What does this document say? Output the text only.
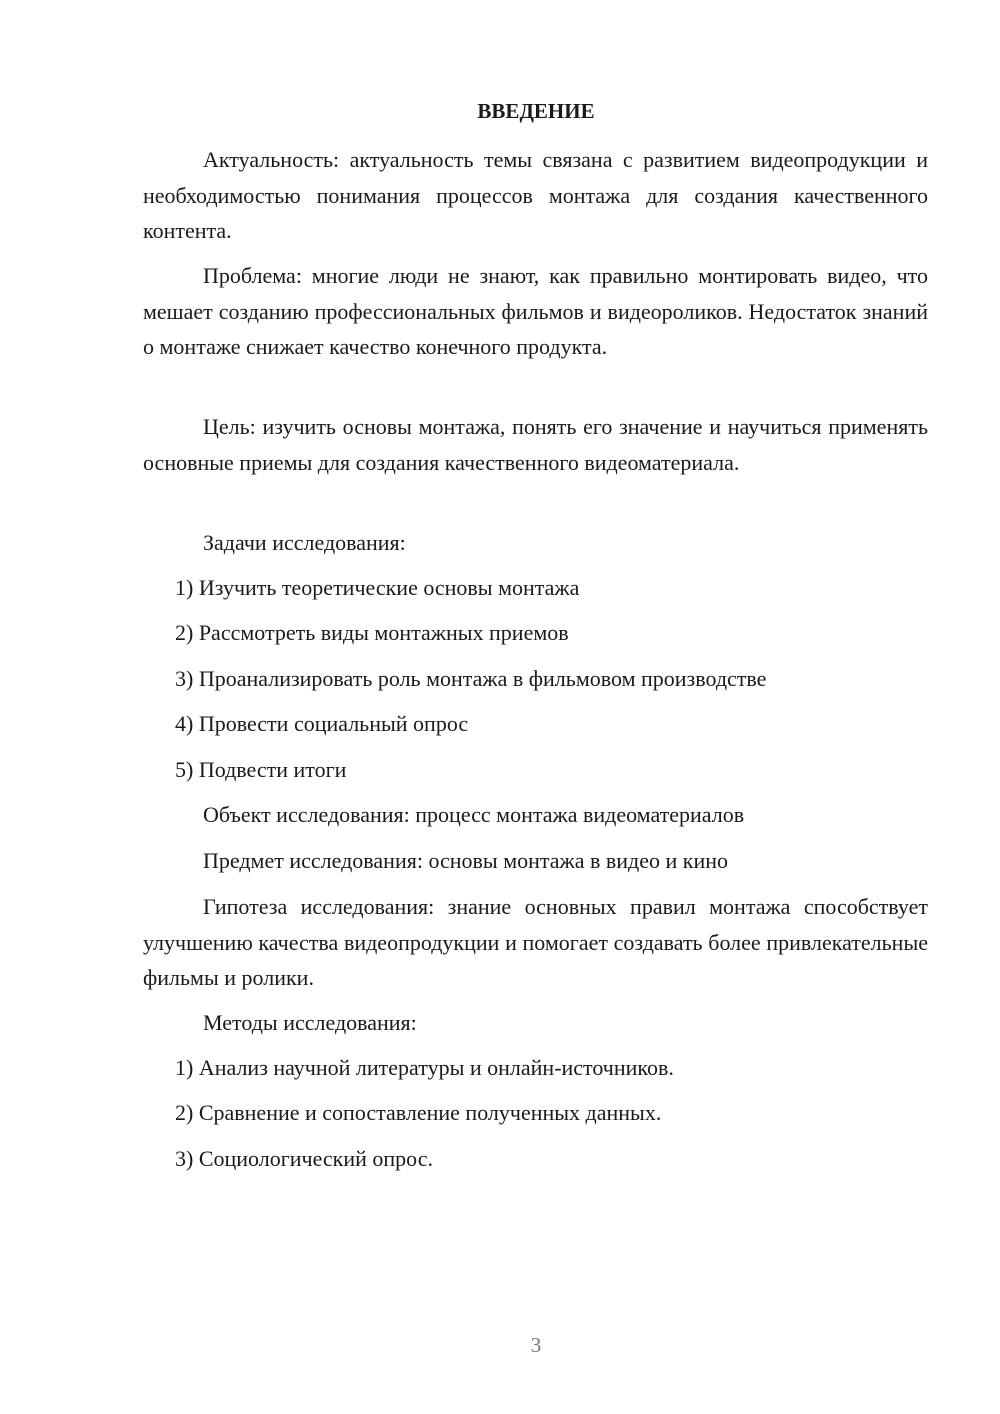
ВВЕДЕНИЕ

Актуальность: актуальность темы связана с развитием видеопродукции и необходимостью понимания процессов монтажа для создания качественного контента.

Проблема: многие люди не знают, как правильно монтировать видео, что мешает созданию профессиональных фильмов и видеороликов. Недостаток знаний о монтаже снижает качество конечного продукта.

Цель: изучить основы монтажа, понять его значение и научиться применять основные приемы для создания качественного видеоматериала.

Задачи исследования:

1) Изучить теоретические основы монтажа

2) Рассмотреть виды монтажных приемов

3) Проанализировать роль монтажа в фильмовом производстве

4) Провести социальный опрос

5) Подвести итоги

Объект исследования: процесс монтажа видеоматериалов

Предмет исследования: основы монтажа в видео и кино

Гипотеза исследования: знание основных правил монтажа способствует улучшению качества видеопродукции и помогает создавать более привлекательные фильмы и ролики.

Методы исследования:

1) Анализ научной литературы и онлайн-источников.

2) Сравнение и сопоставление полученных данных.

3) Социологический опрос.

3
